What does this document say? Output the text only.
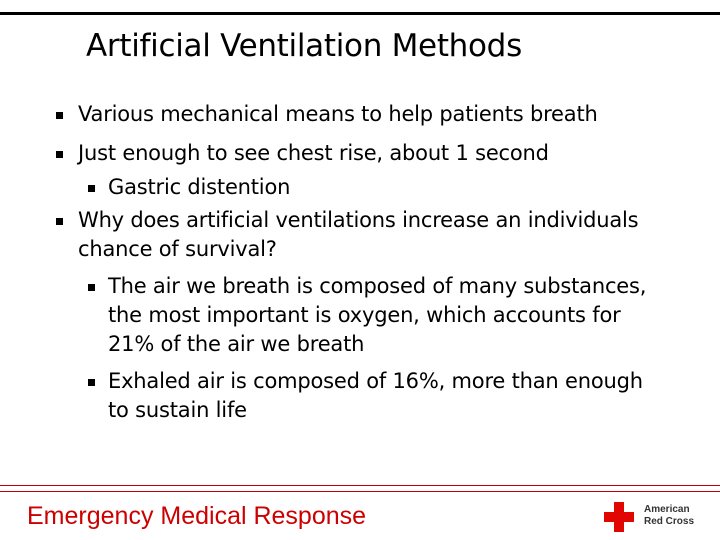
Artificial Ventilation Methods
Various mechanical means to help patients breath
Just enough to see chest rise, about 1 second
Gastric distention
Why does artificial ventilations increase an individuals chance of survival?
The air we breath is composed of many substances, the most important is oxygen, which accounts for 21% of the air we breath
Exhaled air is composed of 16%, more than enough to sustain life
Emergency Medical Response	American
Red Cross
